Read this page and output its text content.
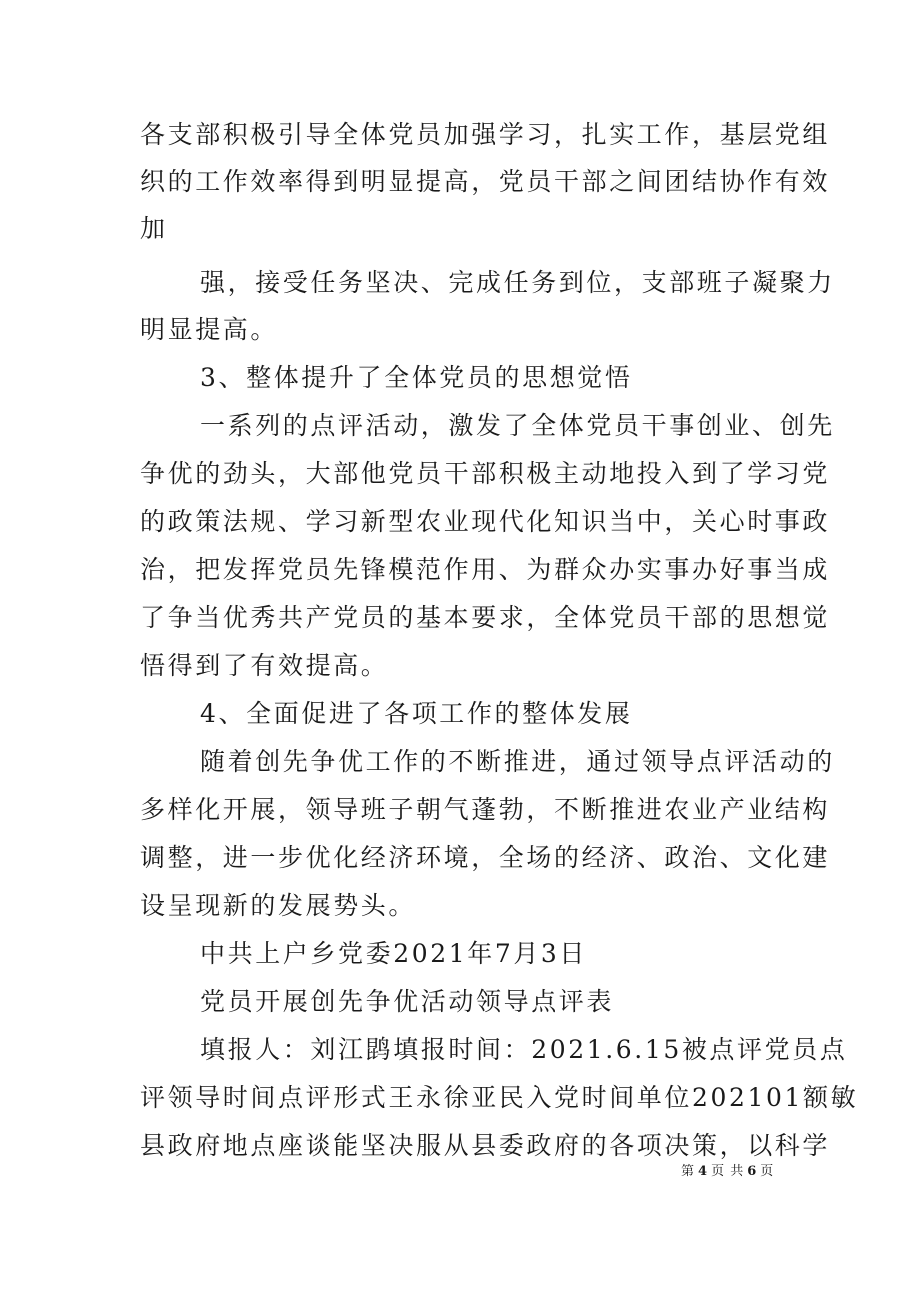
各支部积极引导全体党员加强学习，扎实工作，基层党组
织的工作效率得到明显提高，党员干部之间团结协作有效
加
强，接受任务坚决、完成任务到位，支部班子凝聚力
明显提高。
3、整体提升了全体党员的思想觉悟
一系列的点评活动，激发了全体党员干事创业、创先
争优的劲头，大部他党员干部积极主动地投入到了学习党
的政策法规、学习新型农业现代化知识当中，关心时事政
治，把发挥党员先锋模范作用、为群众办实事办好事当成
了争当优秀共产党员的基本要求，全体党员干部的思想觉
悟得到了有效提高。
4、全面促进了各项工作的整体发展
随着创先争优工作的不断推进，通过领导点评活动的
多样化开展，领导班子朝气蓬勃，不断推进农业产业结构
调整，进一步优化经济环境，全场的经济、政治、文化建
设呈现新的发展势头。
中共上户乡党委2021年7月3日
党员开展创先争优活动领导点评表
填报人：刘江鹍填报时间：2021.6.15被点评党员点
评领导时间点评形式王永徐亚民入党时间单位202101额敏
县政府地点座谈能坚决服从县委政府的各项决策，以科学
第 4 页 共 6 页
